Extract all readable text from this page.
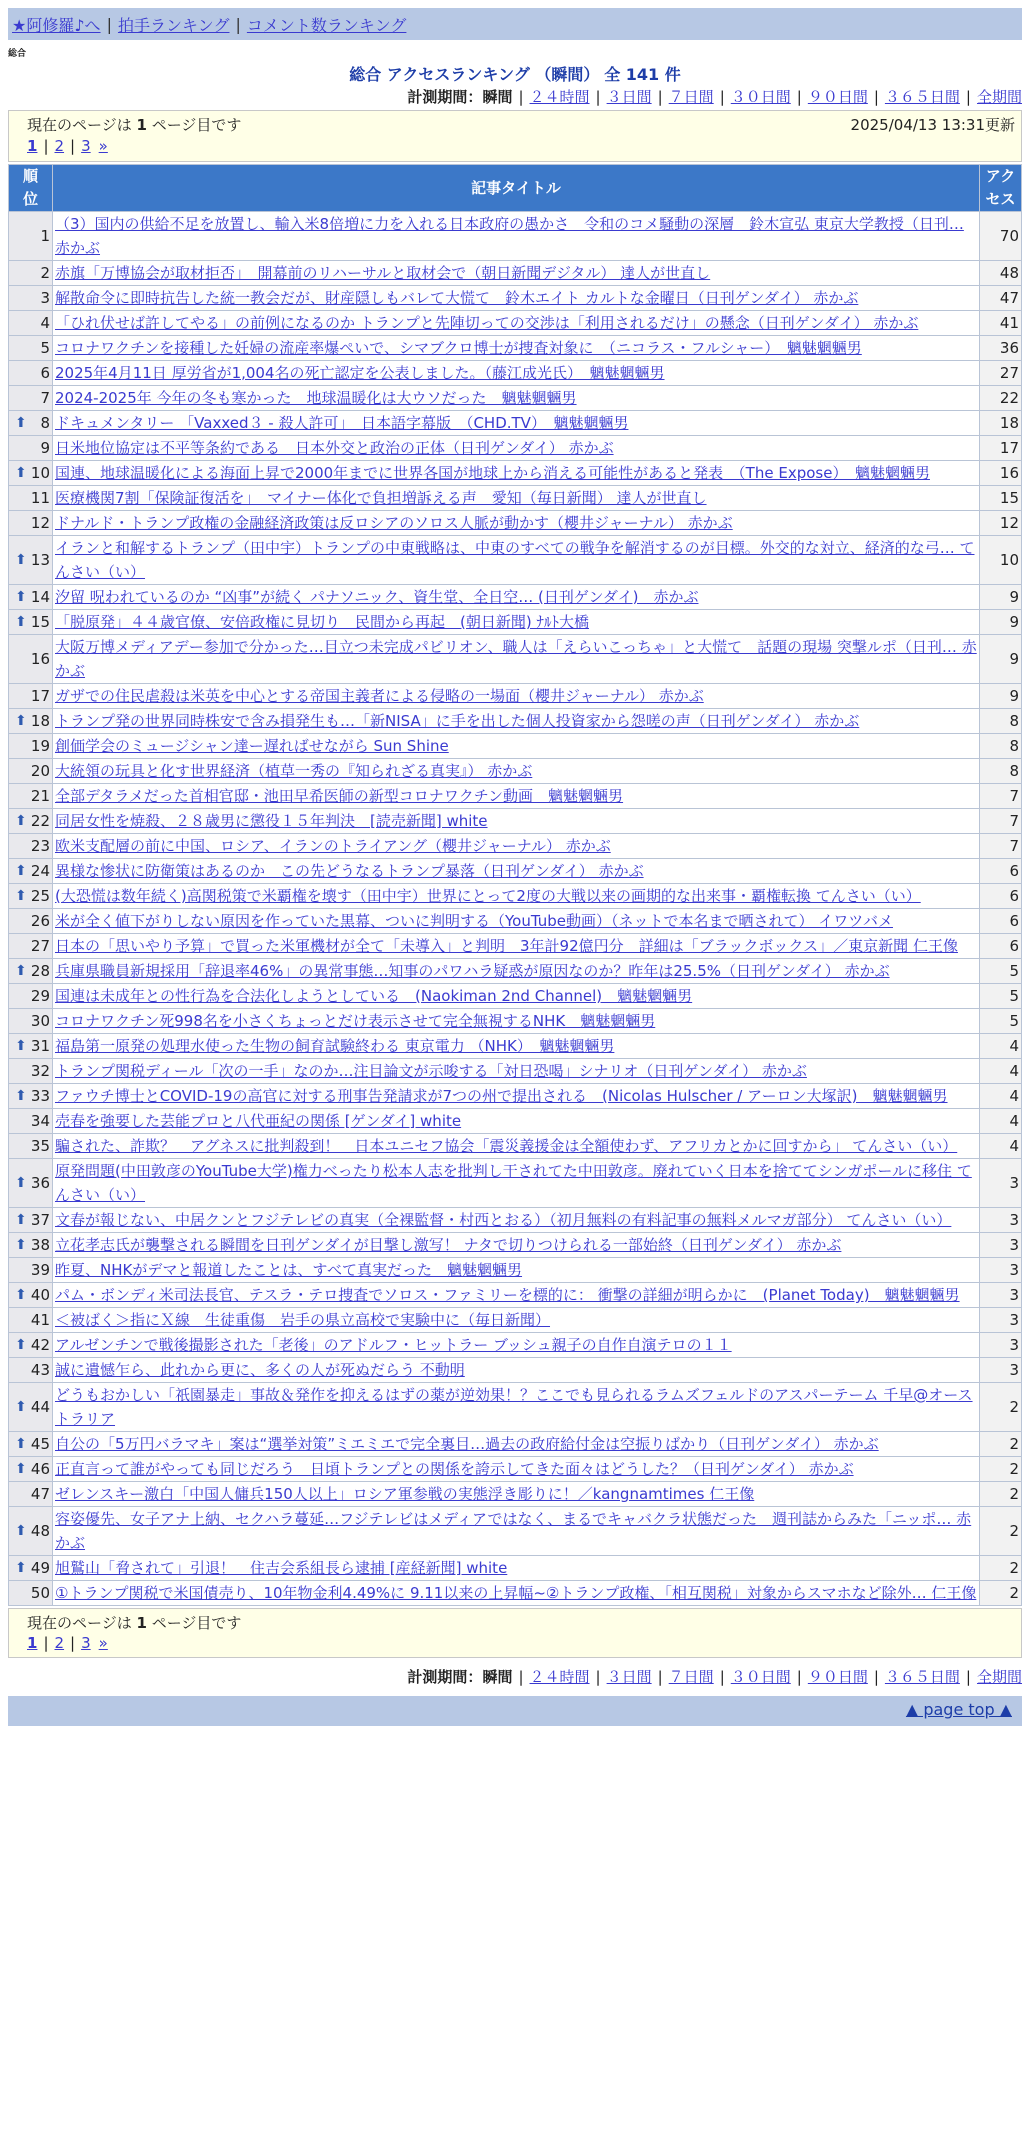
★阿修羅♪へ | 拍手ランキング | コメント数ランキング
総合
総合 アクセスランキング （瞬間） 全 141 件
計測期間：瞬間 | ２４時間 | ３日間 | ７日間 | ３０日間 | ９０日間 | ３６５日間 | 全期間
現在のページは 1 ページ目です	2025/04/13 13:31更新
1 | 2 | 3 »
順位	記事タイトル	アクセス
1	（3）国内の供給不足を放置し、輸入米8倍増に力を入れる日本政府の愚かさ　令和のコメ騒動の深層　鈴木宣弘 東京大学教授（日刊… 赤かぶ	70
2	赤旗「万博協会が取材拒否」　開幕前のリハーサルと取材会で（朝日新聞デジタル） 達人が世直し	48
3	解散命令に即時抗告した統一教会だが、財産隠しもバレて大慌て　鈴木エイト カルトな金曜日（日刊ゲンダイ） 赤かぶ	47
4	「ひれ伏せば許してやる」の前例になるのか トランプと先陣切っての交渉は「利用されるだけ」の懸念（日刊ゲンダイ） 赤かぶ	41
5	コロナワクチンを接種した妊婦の流産率爆ぺいで、シマブクロ博士が捜査対象に　（ニコラス・フルシャー）　魑魅魍魎男	36
6	2025年4月11日 厚労省が1,004名の死亡認定を公表しました。（藤江成光氏）　魑魅魍魎男	27
7	2024-2025年 今年の冬も寒かった　地球温暖化は大ウソだった　魑魅魍魎男	22

⬆ 8	ドキュメンタリー 「Vaxxed３ - 殺人許可」　日本語字幕版　（CHD.TV）　魑魅魍魎男	18
9	日米地位協定は不平等条約である　日本外交と政治の正体（日刊ゲンダイ） 赤かぶ	17

⬆ 10	国連、地球温暖化による海面上昇で2000年までに世界各国が地球上から消える可能性があると発表　（The Expose）　魑魅魍魎男	16
11	医療機関7割「保険証復活を」　マイナー体化で負担増訴える声　愛知（毎日新聞） 達人が世直し	15
12	ドナルド・トランプ政権の金融経済政策は反ロシアのソロス人脈が動かす（櫻井ジャーナル） 赤かぶ	12

⬆ 13	イランと和解するトランプ（田中宇）トランプの中東戦略は、中東のすべての戦争を解消するのが目標。外交的な対立、経済的な弓… てんさい（い）	10

⬆ 14	汐留 呪われているのか “凶事”が続く パナソニック、資生堂、全日空… (日刊ゲンダイ)　赤かぶ	9

⬆ 15	「脱原発」４４歳官僚、安倍政権に見切り　民間から再起　(朝日新聞) ﾅﾙﾄ大橋	9
16	大阪万博メディアデー参加で分かった…目立つ未完成パビリオン、職人は「えらいこっちゃ」と大慌て　話題の現場 突撃ルポ（日刊… 赤かぶ	9
17	ガザでの住民虐殺は米英を中心とする帝国主義者による侵略の一場面（櫻井ジャーナル） 赤かぶ	9

⬆ 18	トランプ発の世界同時株安で含み損発生も…「新NISA」に手を出した個人投資家から怨嗟の声（日刊ゲンダイ） 赤かぶ	8
19	創価学会のミュージシャン達ー遅ればせながら Sun Shine	8
20	大統領の玩具と化す世界経済（植草一秀の『知られざる真実』） 赤かぶ	8
21	全部デタラメだった首相官邸・池田早希医師の新型コロナワクチン動画　魑魅魍魎男	7

⬆ 22	同居女性を焼殺、２８歳男に懲役１５年判決　[読売新聞] white	7
23	欧米支配層の前に中国、ロシア、イランのトライアング（櫻井ジャーナル） 赤かぶ	7

⬆ 24	異様な惨状に防衛策はあるのか　この先どうなるトランプ暴落（日刊ゲンダイ） 赤かぶ	6

⬆ 25	(大恐慌は数年続く)高関税策で米覇権を壊す（田中宇）世界にとって2度の大戦以来の画期的な出来事・覇権転換 てんさい（い）	6
26	米が全く値下がりしない原因を作っていた黒幕、ついに判明する（YouTube動画）（ネットで本名まで晒されて） イワツバメ	6
27	日本の「思いやり予算」で買った米軍機材が全て「未導入」と判明　3年計92億円分　詳細は「ブラックボックス」／東京新聞 仁王像	6

⬆ 28	兵庫県職員新規採用「辞退率46%」の異常事態…知事のパワハラ疑惑が原因なのか？昨年は25.5%（日刊ゲンダイ） 赤かぶ	5
29	国連は未成年との性行為を合法化しようとしている　(Naokiman 2nd Channel)　魑魅魍魎男	5
30	コロナワクチン死998名を小さくちょっとだけ表示させて完全無視するNHK　魑魅魍魎男	5

⬆ 31	福島第一原発の処理水使った生物の飼育試験終わる 東京電力 （NHK）　魑魅魍魎男	4
32	トランプ関税ディール「次の一手」なのか…注目論文が示唆する「対日恐喝」シナリオ（日刊ゲンダイ） 赤かぶ	4

⬆ 33	ファウチ博士とCOVID-19の高官に対する刑事告発請求が7つの州で提出される　(Nicolas Hulscher / アーロン大塚訳)　魑魅魍魎男	4
34	売春を強要した芸能プロと八代亜紀の関係 [ゲンダイ] white	4
35	騙された、詐欺？　アグネスに批判殺到！　日本ユニセフ協会「震災義援金は全額使わず、アフリカとかに回すから」 てんさい（い）	4

⬆ 36	原発問題(中田敦彦のYouTube大学)権力べったり松本人志を批判し干されてた中田敦彦。廃れていく日本を捨ててシンガポールに移住 てんさい（い）	3

⬆ 37	文春が報じない、中居クンとフジテレビの真実（全裸監督・村西とおる）（初月無料の有料記事の無料メルマガ部分） てんさい（い）	3

⬆ 38	立花孝志氏が襲撃される瞬間を日刊ゲンダイが目撃し激写！ ナタで切りつけられる一部始終（日刊ゲンダイ） 赤かぶ	3
39	昨夏、NHKがデマと報道したことは、すべて真実だった　魑魅魍魎男	3

⬆ 40	パム・ボンディ米司法長官、テスラ・テロ捜査でソロス・ファミリーを標的に： 衝撃の詳細が明らかに　(Planet Today)　魑魅魍魎男	3
41	＜被ばく＞指にＸ線　生徒重傷　岩手の県立高校で実験中に（毎日新聞）	3

⬆ 42	アルゼンチンで戦後撮影された「老後」のアドルフ・ヒットラー ブッシュ親子の自作自演テロの１１	3
43	誠に遺憾乍ら、此れから更に、多くの人が死ぬだらう 不動明	3

⬆ 44	どうもおかしい「祇園暴走」事故＆発作を抑えるはずの薬が逆効果！？ここでも見られるラムズフェルドのアスパーテーム 千早@オーストラリア	2

⬆ 45	自公の「5万円バラマキ」案は“選挙対策”ミエミエで完全裏目…過去の政府給付金は空振りばかり（日刊ゲンダイ） 赤かぶ	2

⬆ 46	正直言って誰がやっても同じだろう　日頃トランプとの関係を誇示してきた面々はどうした？（日刊ゲンダイ） 赤かぶ	2
47	ゼレンスキー激白「中国人傭兵150人以上」ロシア軍参戦の実態浮き彫りに！／kangnamtimes 仁王像	2

⬆ 48	容姿優先、女子アナ上納、セクハラ蔓延…フジテレビはメディアではなく、まるでキャバクラ状態だった　週刊誌からみた「ニッポ… 赤かぶ	2

⬆ 49	旭鷲山「脅されて」引退！　住吉会系組長ら逮捕 [産経新聞] white	2
50	①トランプ関税で米国債売り、10年物金利4.49%に 9.11以来の上昇幅~②トランプ政権、「相互関税」対象からスマホなど除外… 仁王像	2
現在のページは 1 ページ目です
1 | 2 | 3 »
計測期間：瞬間 | ２４時間 | ３日間 | ７日間 | ３０日間 | ９０日間 | ３６５日間 | 全期間
▲ page top ▲
